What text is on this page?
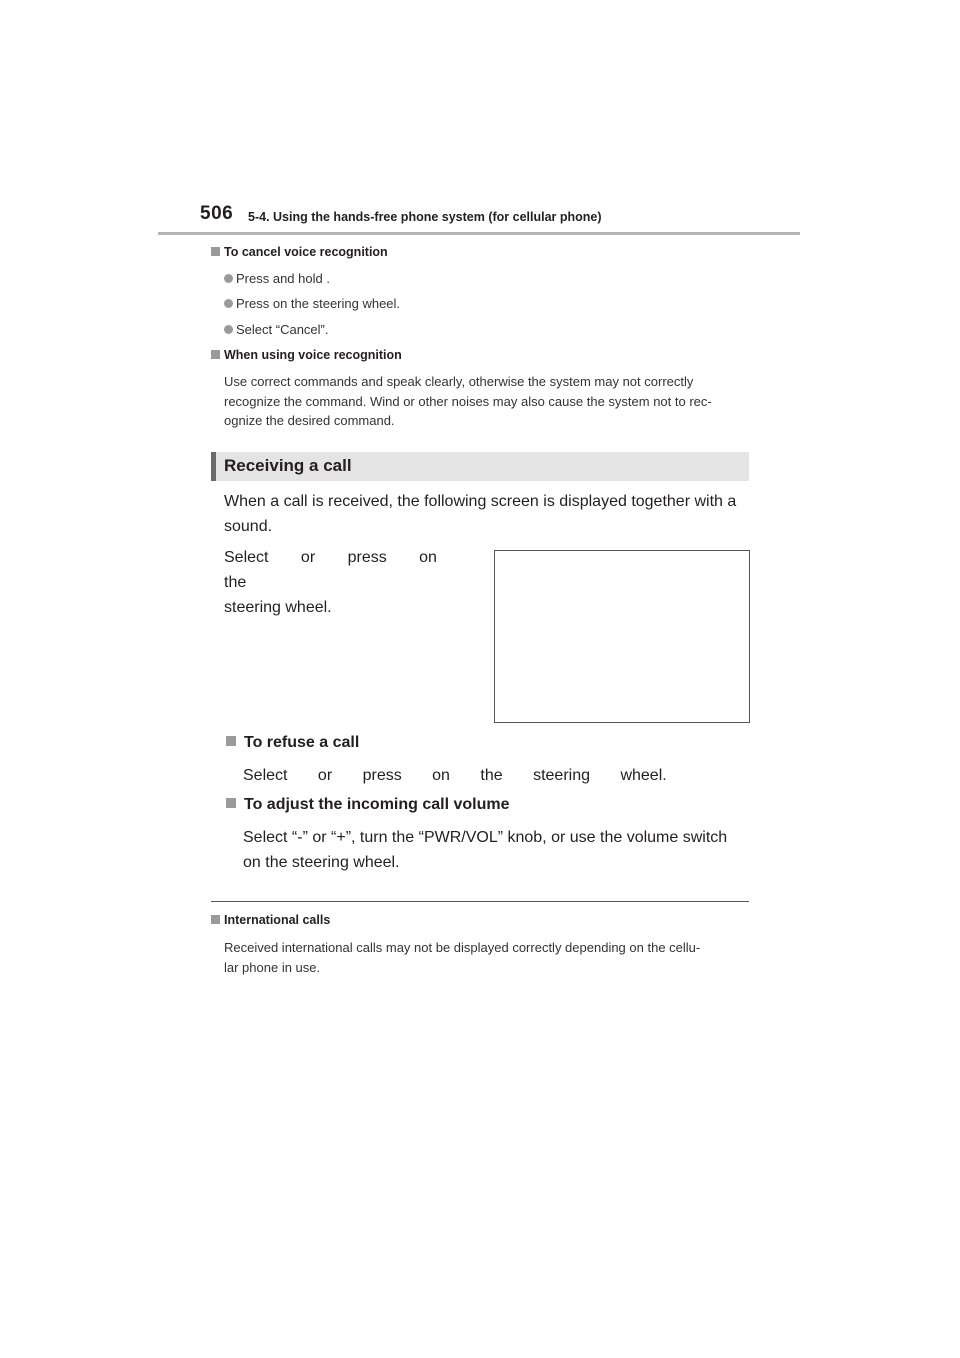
506 5-4. Using the hands-free phone system (for cellular phone)
To cancel voice recognition
Press and hold .
Press on the steering wheel.
Select “Cancel”.
When using voice recognition
Use correct commands and speak clearly, otherwise the system may not correctly
recognize the command. Wind or other noises may also cause the system not to rec-
ognize the desired command.
Receiving a call
When a call is received, the following screen is displayed together with a
sound.
Select or press on the
steering wheel.
To refuse a call
Select or press on the steering wheel.
To adjust the incoming call volume
Select “-” or “+”, turn the “PWR/VOL” knob, or use the volume switch
on the steering wheel.
International calls
Received international calls may not be displayed correctly depending on the cellu-
lar phone in use.
